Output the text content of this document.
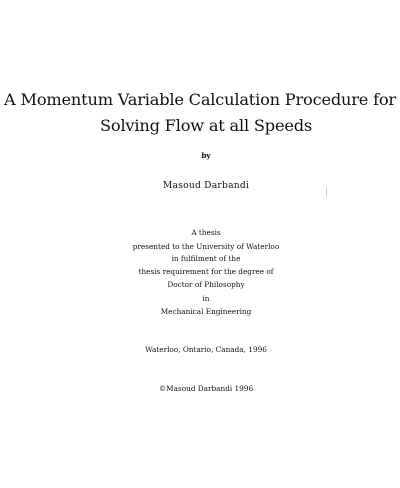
A Momentum Variable Calculation Procedure for
Solving Flow at all Speeds
by
Masoud Darbandi
A thesis
presented to the University of Waterloo
in fulfilment of the
thesis requirement for the degree of
Doctor of Philosophy
in
Mechanical Engineering
Waterloo, Ontario, Canada, 1996
©Masoud Darbandi 1996
